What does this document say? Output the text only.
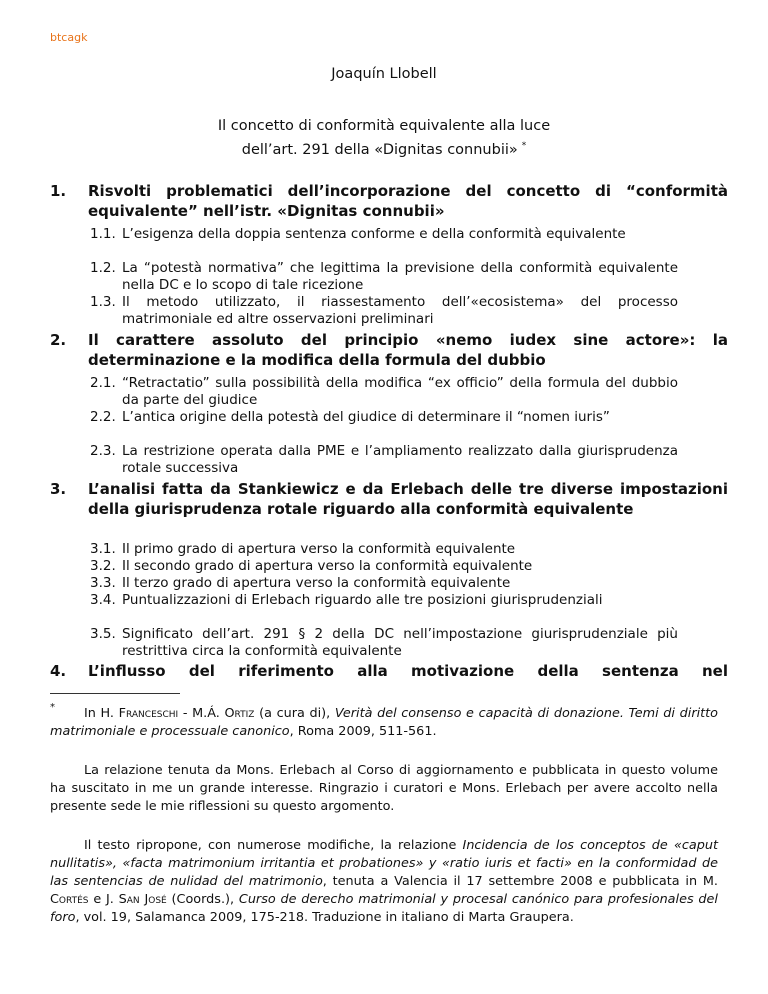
btcagk
Joaquín Llobell
Il concetto di conformità equivalente alla luce
dell’art. 291 della «Dignitas connubii» *
1. Risvolti problematici dell’incorporazione del concetto di “conformità equivalente” nell’istr. «Dignitas connubii»
1.1. L’esigenza della doppia sentenza conforme e della conformità equivalente
1.2. La “potestà normativa” che legittima la previsione della conformità equivalente nella DC e lo scopo di tale ricezione
1.3. Il metodo utilizzato, il riassestamento dell’«ecosistema» del processo matrimoniale ed altre osservazioni preliminari
2. Il carattere assoluto del principio «nemo iudex sine actore»: la determinazione e la modifica della formula del dubbio
2.1. “Retractatio” sulla possibilità della modifica “ex officio” della formula del dubbio da parte del giudice
2.2. L’antica origine della potestà del giudice di determinare il “nomen iuris”
2.3. La restrizione operata dalla PME e l’ampliamento realizzato dalla giurisprudenza rotale successiva
3. L’analisi fatta da Stankiewicz e da Erlebach delle tre diverse impostazioni della giurisprudenza rotale riguardo alla conformità equivalente
3.1. Il primo grado di apertura verso la conformità equivalente
3.2. Il secondo grado di apertura verso la conformità equivalente
3.3. Il terzo grado di apertura verso la conformità equivalente
3.4. Puntualizzazioni di Erlebach riguardo alle tre posizioni giurisprudenziali
3.5. Significato dell’art. 291 § 2 della DC nell’impostazione giurisprudenziale più restrittiva circa la conformità equivalente
4. L’influsso del riferimento alla motivazione della sentenza nel
*	In H. Franceschi - M.Á. Ortiz (a cura di), Verità del consenso e capacità di donazione. Temi di diritto matrimoniale e processuale canonico, Roma 2009, 511-561.
La relazione tenuta da Mons. Erlebach al Corso di aggiornamento e pubblicata in questo volume ha suscitato in me un grande interesse. Ringrazio i curatori e Mons. Erlebach per avere accolto nella presente sede le mie riflessioni su questo argomento.
Il testo ripropone, con numerose modifiche, la relazione Incidencia de los conceptos de «caput nullitatis», «facta matrimonium irritantia et probationes» y «ratio iuris et facti» en la conformidad de las sentencias de nulidad del matrimonio, tenuta a Valencia il 17 settembre 2008 e pubblicata in M. Cortés e J. San José (Coords.), Curso de derecho matrimonial y procesal canónico para profesionales del foro, vol. 19, Salamanca 2009, 175-218. Traduzione in italiano di Marta Graupera.
